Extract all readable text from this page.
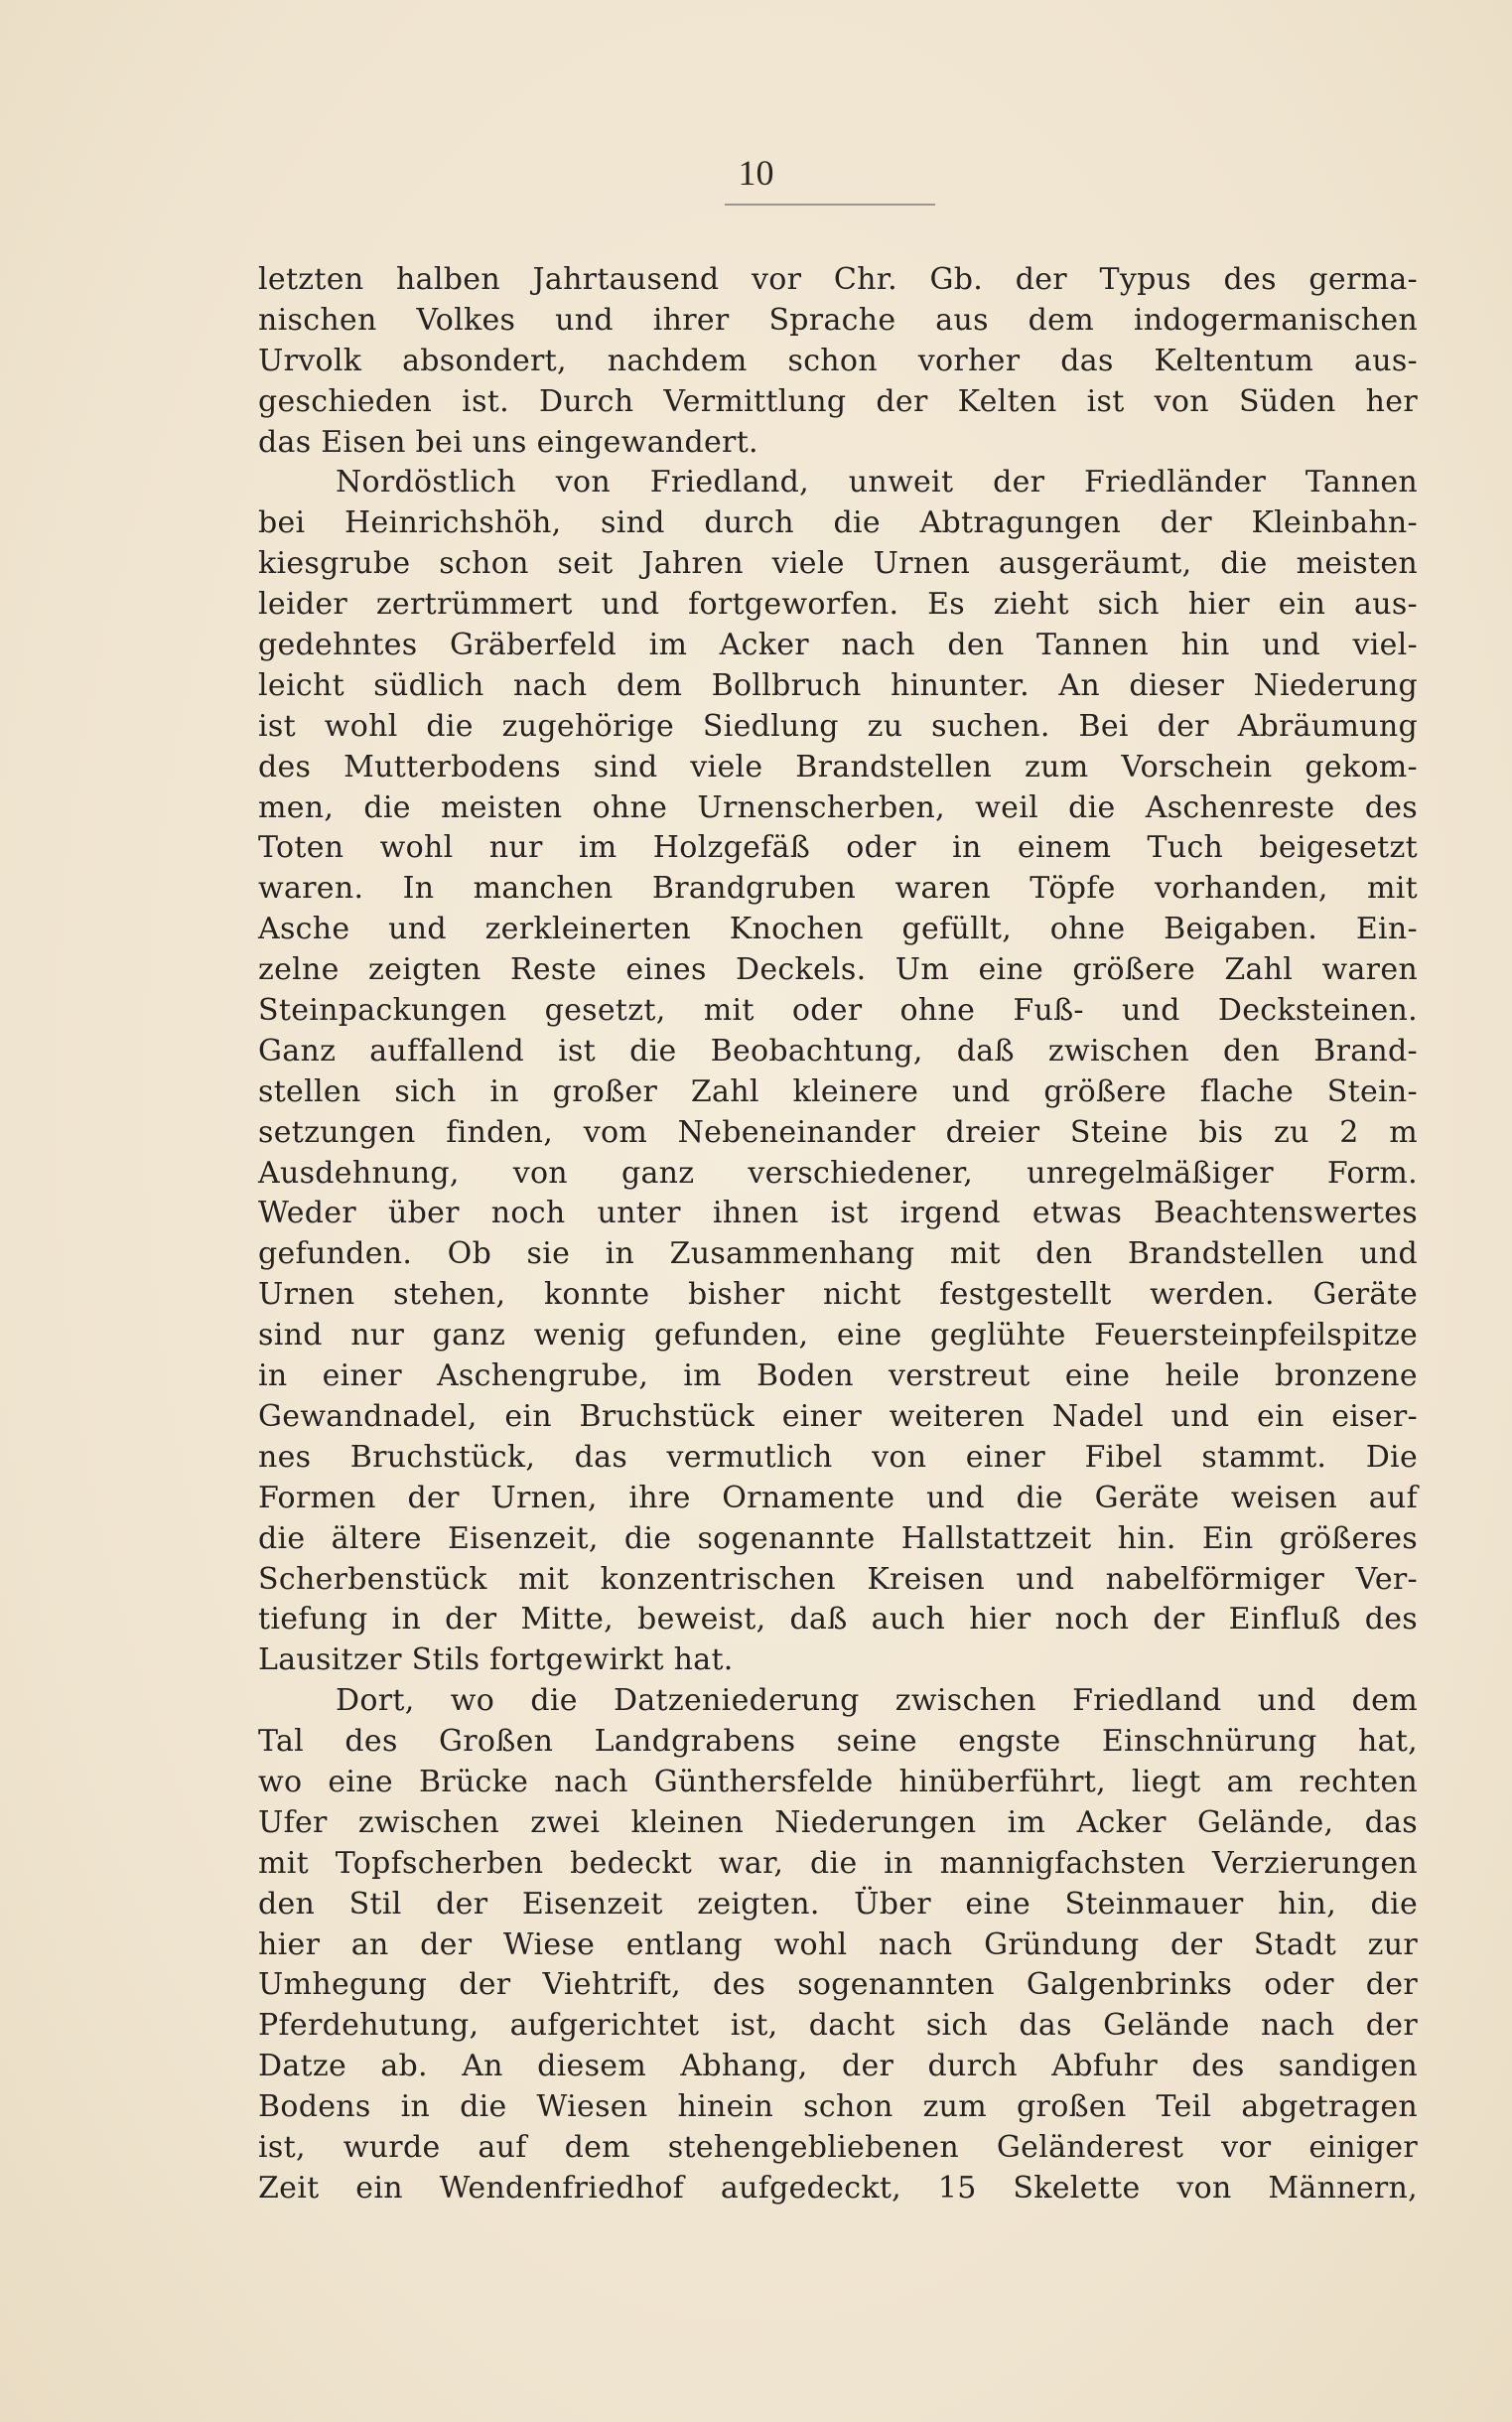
10
letzten halben Jahrtausend vor Chr. Gb. der Typus des germa-
nischen Volkes und ihrer Sprache aus dem indogermanischen
Urvolk absondert, nachdem schon vorher das Keltentum aus-
geschieden ist. Durch Vermittlung der Kelten ist von Süden her
das Eisen bei uns eingewandert.
Nordöstlich von Friedland, unweit der Friedländer Tannen
bei Heinrichshöh, sind durch die Abtragungen der Kleinbahn-
kiesgrube schon seit Jahren viele Urnen ausgeräumt, die meisten
leider zertrümmert und fortgeworfen. Es zieht sich hier ein aus-
gedehntes Gräberfeld im Acker nach den Tannen hin und viel-
leicht südlich nach dem Bollbruch hinunter. An dieser Niederung
ist wohl die zugehörige Siedlung zu suchen. Bei der Abräumung
des Mutterbodens sind viele Brandstellen zum Vorschein gekom-
men, die meisten ohne Urnenscherben, weil die Aschenreste des
Toten wohl nur im Holzgefäß oder in einem Tuch beigesetzt
waren. In manchen Brandgruben waren Töpfe vorhanden, mit
Asche und zerkleinerten Knochen gefüllt, ohne Beigaben. Ein-
zelne zeigten Reste eines Deckels. Um eine größere Zahl waren
Steinpackungen gesetzt, mit oder ohne Fuß- und Decksteinen.
Ganz auffallend ist die Beobachtung, daß zwischen den Brand-
stellen sich in großer Zahl kleinere und größere flache Stein-
setzungen finden, vom Nebeneinander dreier Steine bis zu 2 m
Ausdehnung, von ganz verschiedener, unregelmäßiger Form.
Weder über noch unter ihnen ist irgend etwas Beachtenswertes
gefunden. Ob sie in Zusammenhang mit den Brandstellen und
Urnen stehen, konnte bisher nicht festgestellt werden. Geräte
sind nur ganz wenig gefunden, eine geglühte Feuersteinpfeilspitze
in einer Aschengrube, im Boden verstreut eine heile bronzene
Gewandnadel, ein Bruchstück einer weiteren Nadel und ein eiser-
nes Bruchstück, das vermutlich von einer Fibel stammt. Die
Formen der Urnen, ihre Ornamente und die Geräte weisen auf
die ältere Eisenzeit, die sogenannte Hallstattzeit hin. Ein größeres
Scherbenstück mit konzentrischen Kreisen und nabelförmiger Ver-
tiefung in der Mitte, beweist, daß auch hier noch der Einfluß des
Lausitzer Stils fortgewirkt hat.
Dort, wo die Datzeniederung zwischen Friedland und dem
Tal des Großen Landgrabens seine engste Einschnürung hat,
wo eine Brücke nach Günthersfelde hinüberführt, liegt am rechten
Ufer zwischen zwei kleinen Niederungen im Acker Gelände, das
mit Topfscherben bedeckt war, die in mannigfachsten Verzierungen
den Stil der Eisenzeit zeigten. Über eine Steinmauer hin, die
hier an der Wiese entlang wohl nach Gründung der Stadt zur
Umhegung der Viehtrift, des sogenannten Galgenbrinks oder der
Pferdehutung, aufgerichtet ist, dacht sich das Gelände nach der
Datze ab. An diesem Abhang, der durch Abfuhr des sandigen
Bodens in die Wiesen hinein schon zum großen Teil abgetragen
ist, wurde auf dem stehengebliebenen Geländerest vor einiger
Zeit ein Wendenfriedhof aufgedeckt, 15 Skelette von Männern,
